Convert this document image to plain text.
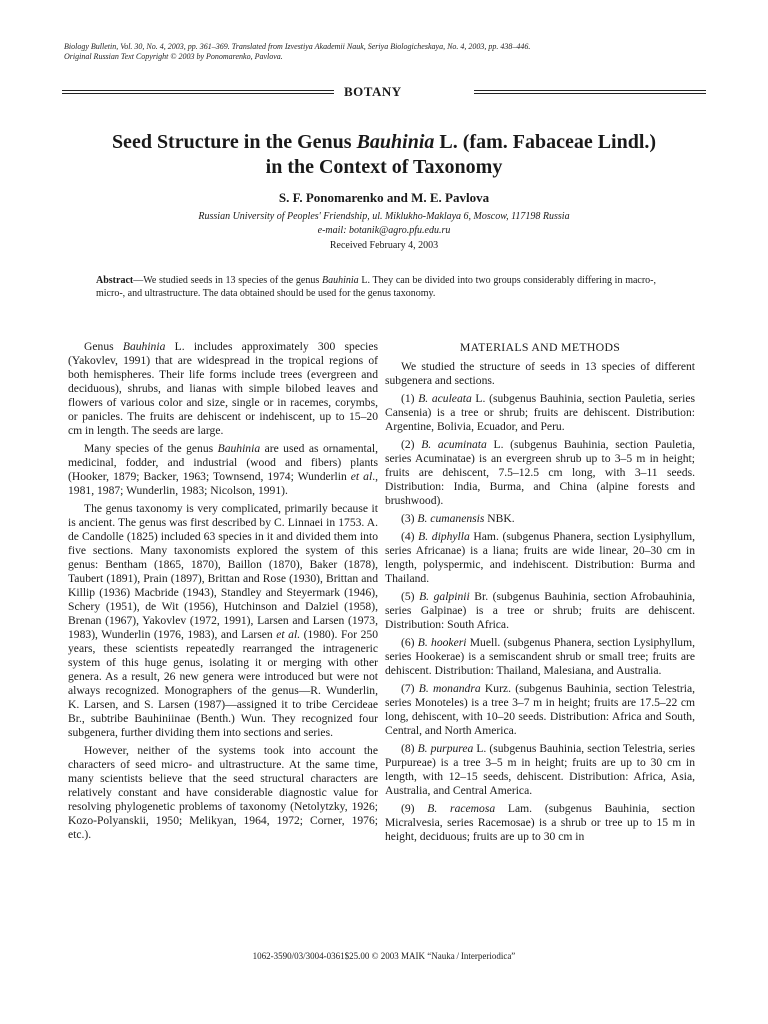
Biology Bulletin, Vol. 30, No. 4, 2003, pp. 361–369. Translated from Izvestiya Akademii Nauk, Seriya Biologicheskaya, No. 4, 2003, pp. 438–446.
Original Russian Text Copyright © 2003 by Ponomarenko, Pavlova.
BOTANY
Seed Structure in the Genus Bauhinia L. (fam. Fabaceae Lindl.)
in the Context of Taxonomy
S. F. Ponomarenko and M. E. Pavlova
Russian University of Peoples' Friendship, ul. Miklukho-Maklaya 6, Moscow, 117198 Russia
e-mail: botanik@agro.pfu.edu.ru
Received February 4, 2003
Abstract—We studied seeds in 13 species of the genus Bauhinia L. They can be divided into two groups considerably differing in macro-, micro-, and ultrastructure. The data obtained should be used for the genus taxonomy.

Genus Bauhinia L. includes approximately 300 species (Yakovlev, 1991) that are widespread in the tropical regions of both hemispheres. Their life forms include trees (evergreen and deciduous), shrubs, and lianas with simple bilobed leaves and flowers of various color and size, single or in racemes, corymbs, or panicles. The fruits are dehiscent or indehiscent, up to 15–20 cm in length. The seeds are large.

Many species of the genus Bauhinia are used as ornamental, medicinal, fodder, and industrial (wood and fibers) plants (Hooker, 1879; Backer, 1963; Townsend, 1974; Wunderlin et al., 1981, 1987; Wunderlin, 1983; Nicolson, 1991).

The genus taxonomy is very complicated, primarily because it is ancient. The genus was first described by C. Linnaei in 1753. A. de Candolle (1825) included 63 species in it and divided them into five sections. Many taxonomists explored the system of this genus: Bentham (1865, 1870), Baillon (1870), Baker (1878), Taubert (1891), Prain (1897), Brittan and Rose (1930), Brittan and Killip (1936) Macbride (1943), Standley and Steyermark (1946), Schery (1951), de Wit (1956), Hutchinson and Dalziel (1958), Brenan (1967), Yakovlev (1972, 1991), Larsen and Larsen (1973, 1983), Wunderlin (1976, 1983), and Larsen et al. (1980). For 250 years, these scientists repeatedly rearranged the intrageneric system of this huge genus, isolating it or merging with other genera. As a result, 26 new genera were introduced but were not always recognized. Monographers of the genus—R. Wunderlin, K. Larsen, and S. Larsen (1987)—assigned it to tribe Cercideae Br., subtribe Bauhiniinae (Benth.) Wun. They recognized four subgenera, further dividing them into sections and series.

However, neither of the systems took into account the characters of seed micro- and ultrastructure. At the same time, many scientists believe that the seed structural characters are relatively constant and have considerable diagnostic value for resolving phylogenetic problems of taxonomy (Netolytzky, 1926; Kozo-Polyanskii, 1950; Melikyan, 1964, 1972; Corner, 1976; etc.).

MATERIALS AND METHODS

We studied the structure of seeds in 13 species of different subgenera and sections.

(1) B. aculeata L. (subgenus Bauhinia, section Pauletia, series Cansenia) is a tree or shrub; fruits are dehiscent. Distribution: Argentine, Bolivia, Ecuador, and Peru.

(2) B. acuminata L. (subgenus Bauhinia, section Pauletia, series Acuminatae) is an evergreen shrub up to 3–5 m in height; fruits are dehiscent, 7.5–12.5 cm long, with 3–11 seeds. Distribution: India, Burma, and China (alpine forests and brushwood).

(3) B. cumanensis NBK.

(4) B. diphylla Ham. (subgenus Phanera, section Lysiphyllum, series Africanae) is a liana; fruits are wide linear, 20–30 cm in length, polyspermic, and indehiscent. Distribution: Burma and Thailand.

(5) B. galpinii Br. (subgenus Bauhinia, section Afrobauhinia, series Galpinae) is a tree or shrub; fruits are dehiscent. Distribution: South Africa.

(6) B. hookeri Muell. (subgenus Phanera, section Lysiphyllum, series Hookerae) is a semiscandent shrub or small tree; fruits are dehiscent. Distribution: Thailand, Malesiana, and Australia.

(7) B. monandra Kurz. (subgenus Bauhinia, section Telestria, series Monoteles) is a tree 3–7 m in height; fruits are 17.5–22 cm long, dehiscent, with 10–20 seeds. Distribution: Africa and South, Central, and North America.

(8) B. purpurea L. (subgenus Bauhinia, section Telestria, series Purpureae) is a tree 3–5 m in height; fruits are up to 30 cm in length, with 12–15 seeds, dehiscent. Distribution: Africa, Asia, Australia, and Central America.

(9) B. racemosa Lam. (subgenus Bauhinia, section Micralvesia, series Racemosae) is a shrub or tree up to 15 m in height, deciduous; fruits are up to 30 cm in

1062-3590/03/3004-0361$25.00 © 2003 MAIK “Nauka / Interperiodica”
